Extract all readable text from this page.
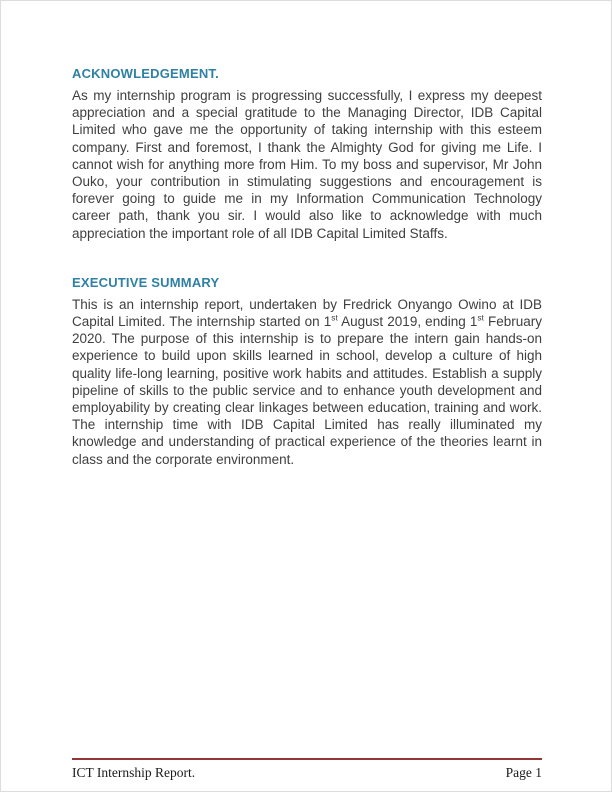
ACKNOWLEDGEMENT.

As my internship program is progressing successfully, I express my deepest appreciation and a special gratitude to the Managing Director, IDB Capital Limited who gave me the opportunity of taking internship with this esteem company. First and foremost, I thank the Almighty God for giving me Life. I cannot wish for anything more from Him. To my boss and supervisor, Mr John Ouko, your contribution in stimulating suggestions and encouragement is forever going to guide me in my Information Communication Technology career path, thank you sir. I would also like to acknowledge with much appreciation the important role of all IDB Capital Limited Staffs.

EXECUTIVE SUMMARY

This is an internship report, undertaken by Fredrick Onyango Owino at IDB Capital Limited. The internship started on 1st August 2019, ending 1st February 2020. The purpose of this internship is to prepare the intern gain hands-on experience to build upon skills learned in school, develop a culture of high quality life-long learning, positive work habits and attitudes. Establish a supply pipeline of skills to the public service and to enhance youth development and employability by creating clear linkages between education, training and work. The internship time with IDB Capital Limited has really illuminated my knowledge and understanding of practical experience of the theories learnt in class and the corporate environment.

ICT Internship Report.	Page 1
